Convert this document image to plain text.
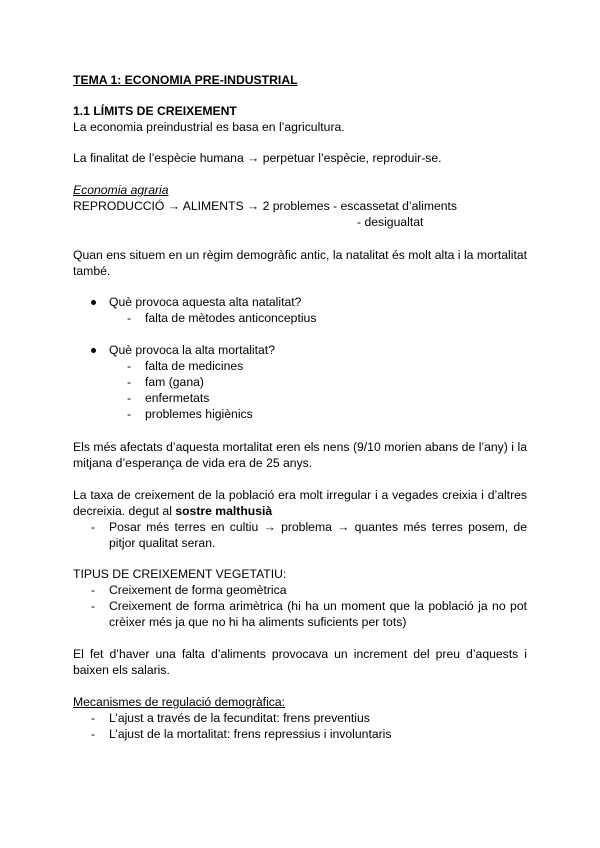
TEMA 1: ECONOMIA PRE-INDUSTRIAL
1.1 LÍMITS DE CREIXEMENT
La economia preindustrial es basa en l’agricultura.
La finalitat de l’espècie humana → perpetuar l’espècie, reproduir-se.
Economia agraria
REPRODUCCIÓ → ALIMENTS → 2 problemes - escassetat d’aliments
- desigualtat
Quan ens situem en un règim demogràfic antic, la natalitat és molt alta i la mortalitat també.
Què provoca aquesta alta natalitat?
- falta de mètodes anticonceptius
Què provoca la alta mortalitat?
- falta de medicines
- fam (gana)
- enfermetats
- problemes higiènics
Els més afectats d’aquesta mortalitat eren els nens (9/10 morien abans de l’any) i la mitjana d’esperança de vida era de 25 anys.
La taxa de creixement de la població era molt irregular i a vegades creixia i d’altres decreixia. degut al sostre malthusià
- Posar més terres en cultiu → problema → quantes més terres posem, de pitjor qualitat seran.
TIPUS DE CREIXEMENT VEGETATIU:
- Creixement de forma geomètrica
- Creixement de forma arimètrica (hi ha un moment que la població ja no pot crèixer més ja que no hi ha aliments suficients per tots)
El fet d’haver una falta d’aliments provocava un increment del preu d’aquests i baixen els salaris.
Mecanismes de regulació demogràfica:
- L’ajust a través de la fecunditat: frens preventius
- L’ajust de la mortalitat: frens repressius i involuntaris
